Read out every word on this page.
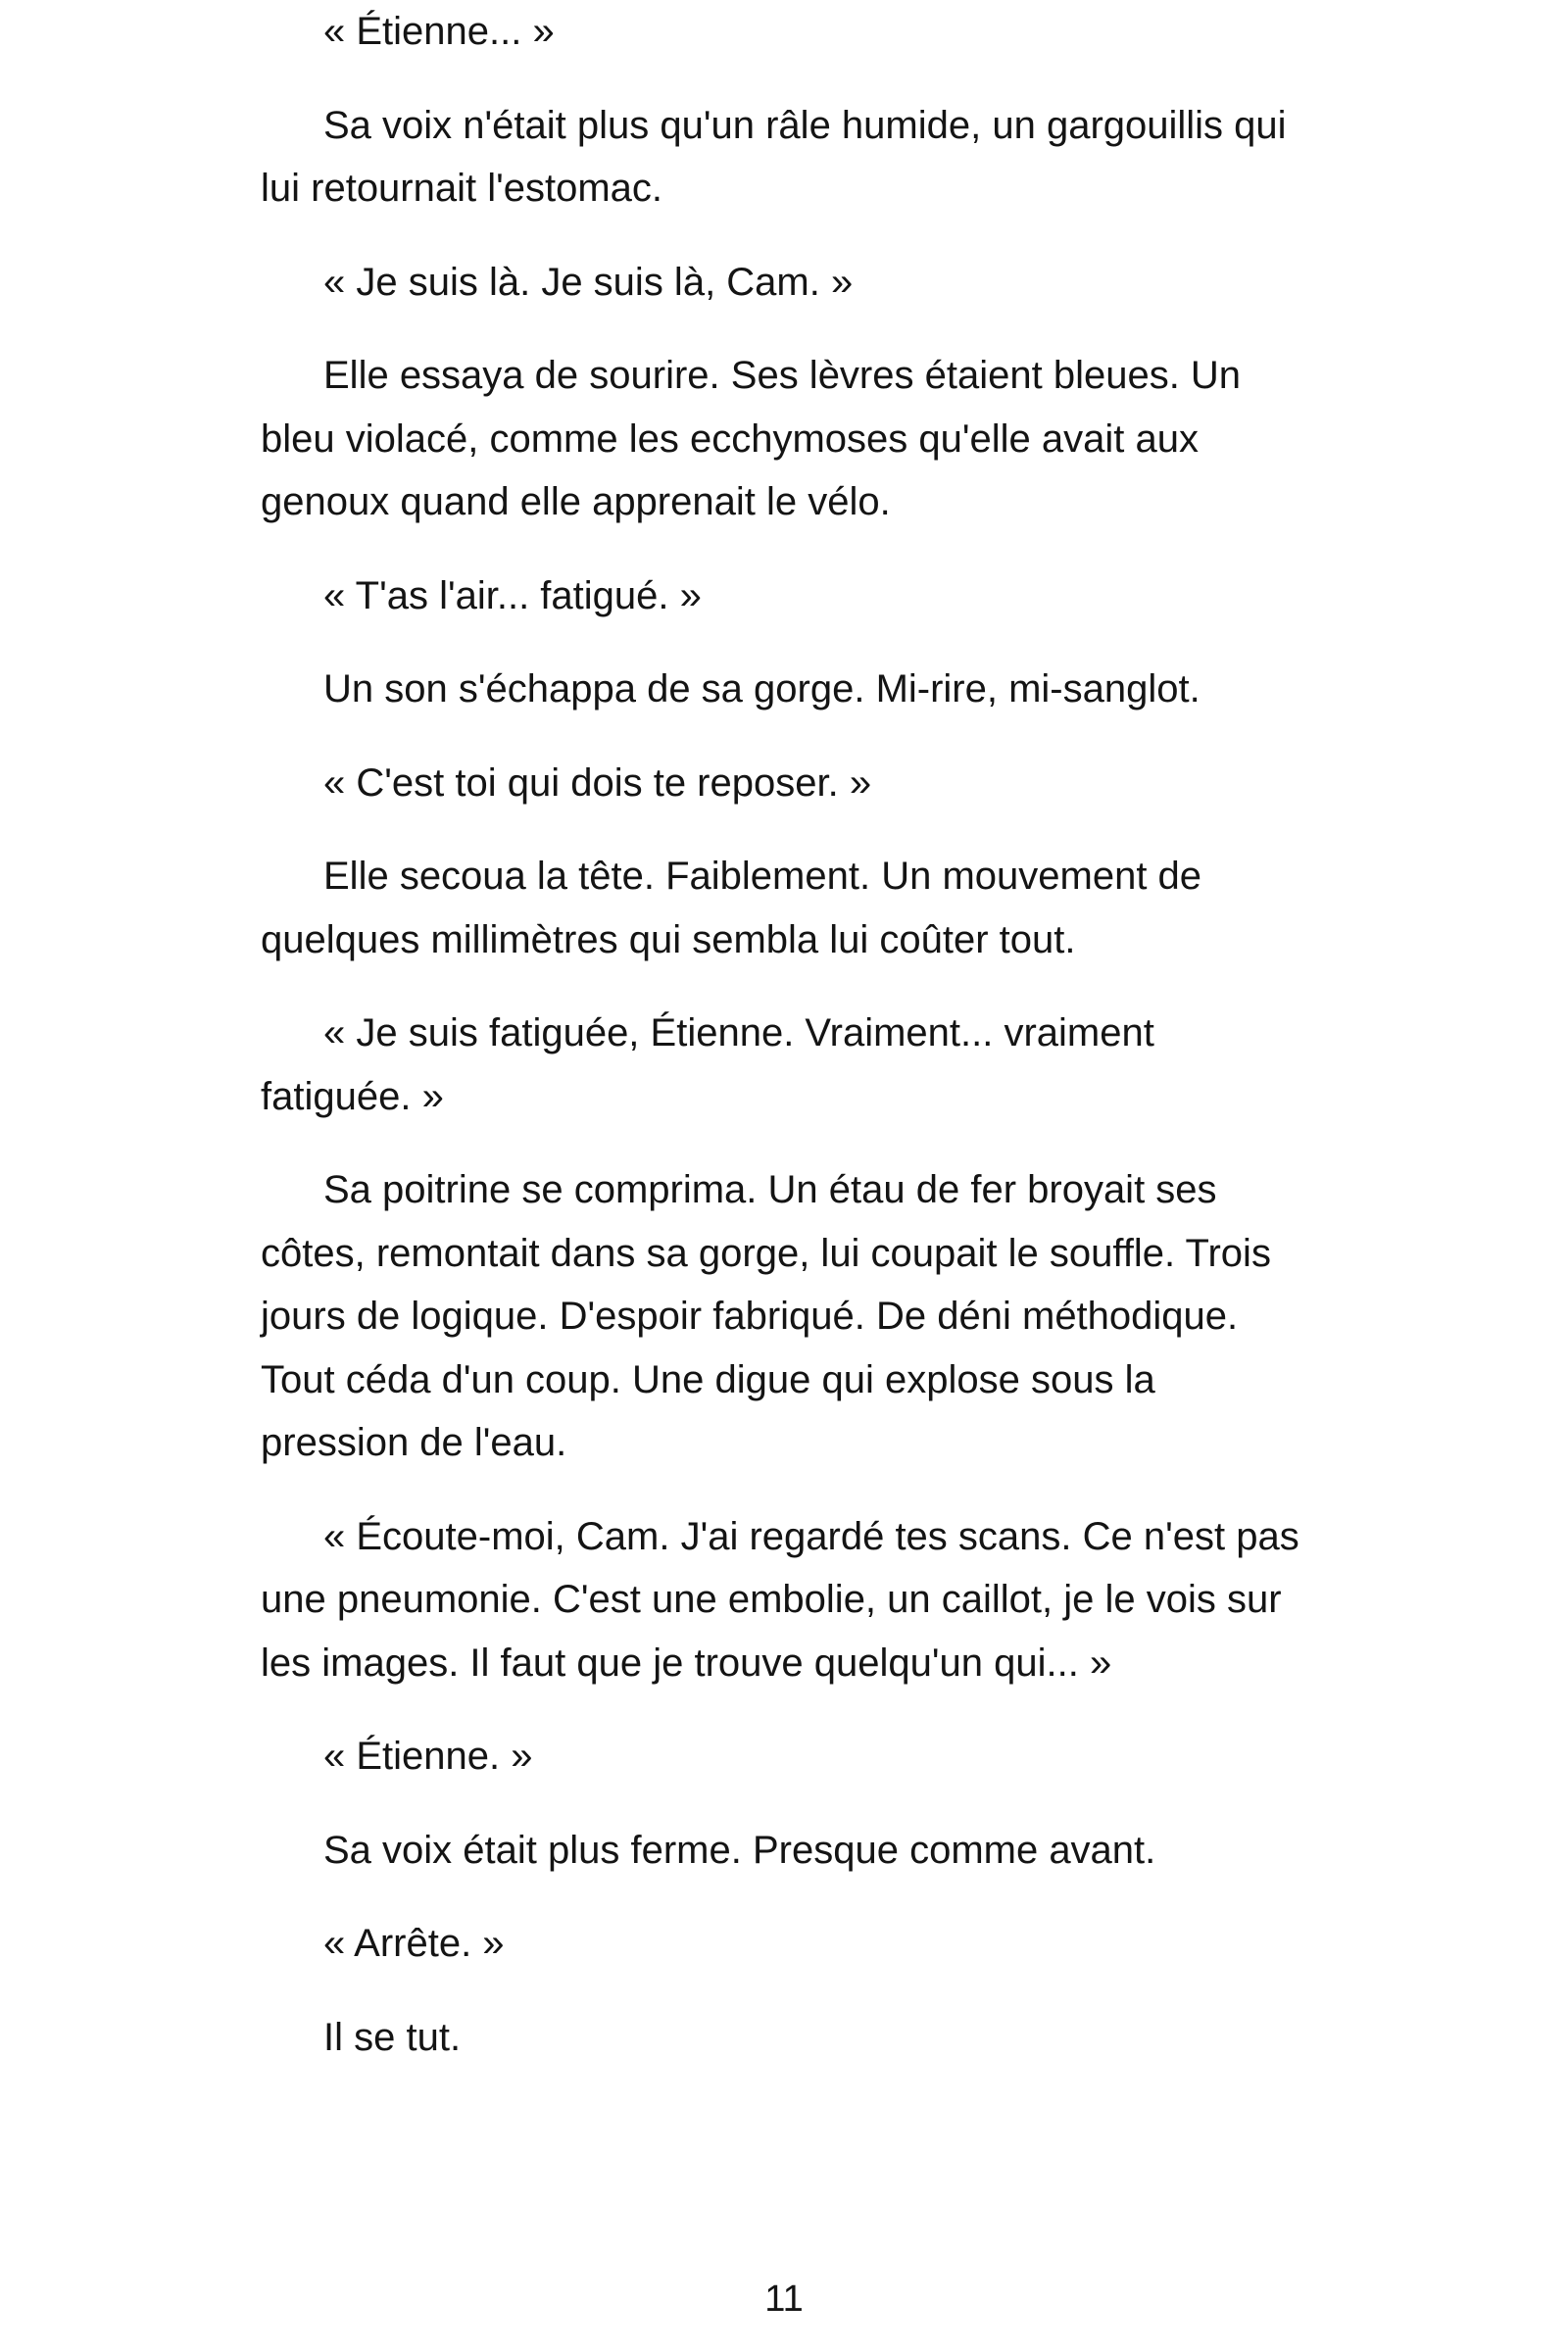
« Étienne... »

Sa voix n'était plus qu'un râle humide, un gargouillis qui lui retournait l'estomac.

« Je suis là. Je suis là, Cam. »

Elle essaya de sourire. Ses lèvres étaient bleues. Un bleu violacé, comme les ecchymoses qu'elle avait aux genoux quand elle apprenait le vélo.

« T'as l'air... fatigué. »

Un son s'échappa de sa gorge. Mi-rire, mi-sanglot.

« C'est toi qui dois te reposer. »

Elle secoua la tête. Faiblement. Un mouvement de quelques millimètres qui sembla lui coûter tout.

« Je suis fatiguée, Étienne. Vraiment... vraiment fatiguée. »

Sa poitrine se comprima. Un étau de fer broyait ses côtes, remontait dans sa gorge, lui coupait le souffle. Trois jours de logique. D'espoir fabriqué. De déni méthodique. Tout céda d'un coup. Une digue qui explose sous la pression de l'eau.

« Écoute-moi, Cam. J'ai regardé tes scans. Ce n'est pas une pneumonie. C'est une embolie, un caillot, je le vois sur les images. Il faut que je trouve quelqu'un qui... »

« Étienne. »

Sa voix était plus ferme. Presque comme avant.

« Arrête. »

Il se tut.

11
